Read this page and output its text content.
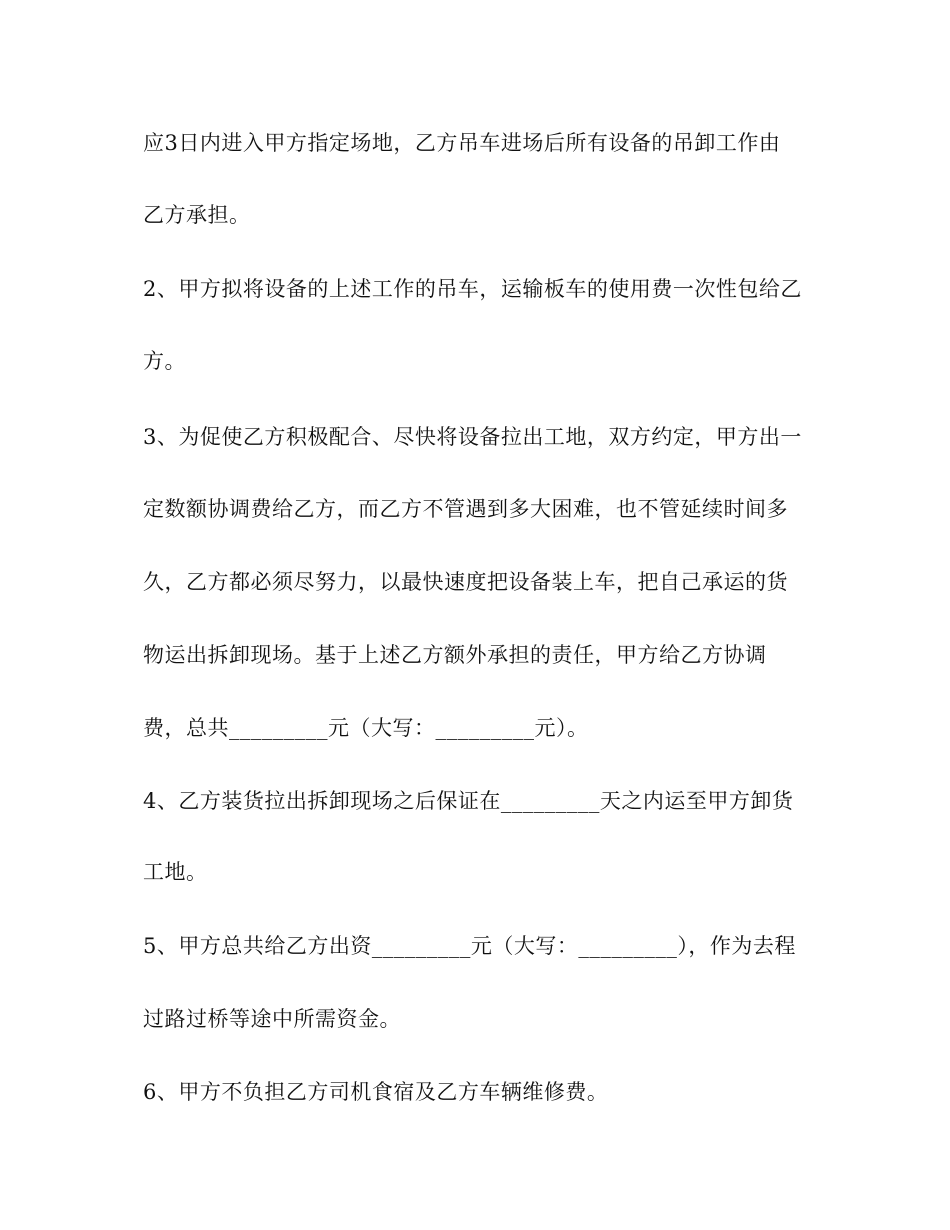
应3日内进入甲方指定场地，乙方吊车进场后所有设备的吊卸工作由
乙方承担。
2、甲方拟将设备的上述工作的吊车，运输板车的使用费一次性包给乙
方。
3、为促使乙方积极配合、尽快将设备拉出工地，双方约定，甲方出一
定数额协调费给乙方，而乙方不管遇到多大困难，也不管延续时间多
久，乙方都必须尽努力，以最快速度把设备装上车，把自己承运的货
物运出拆卸现场。基于上述乙方额外承担的责任，甲方给乙方协调
费，总共_________元（大写：_________元）。
4、乙方装货拉出拆卸现场之后保证在_________天之内运至甲方卸货
工地。
5、甲方总共给乙方出资_________元（大写：_________），作为去程
过路过桥等途中所需资金。
6、甲方不负担乙方司机食宿及乙方车辆维修费。
